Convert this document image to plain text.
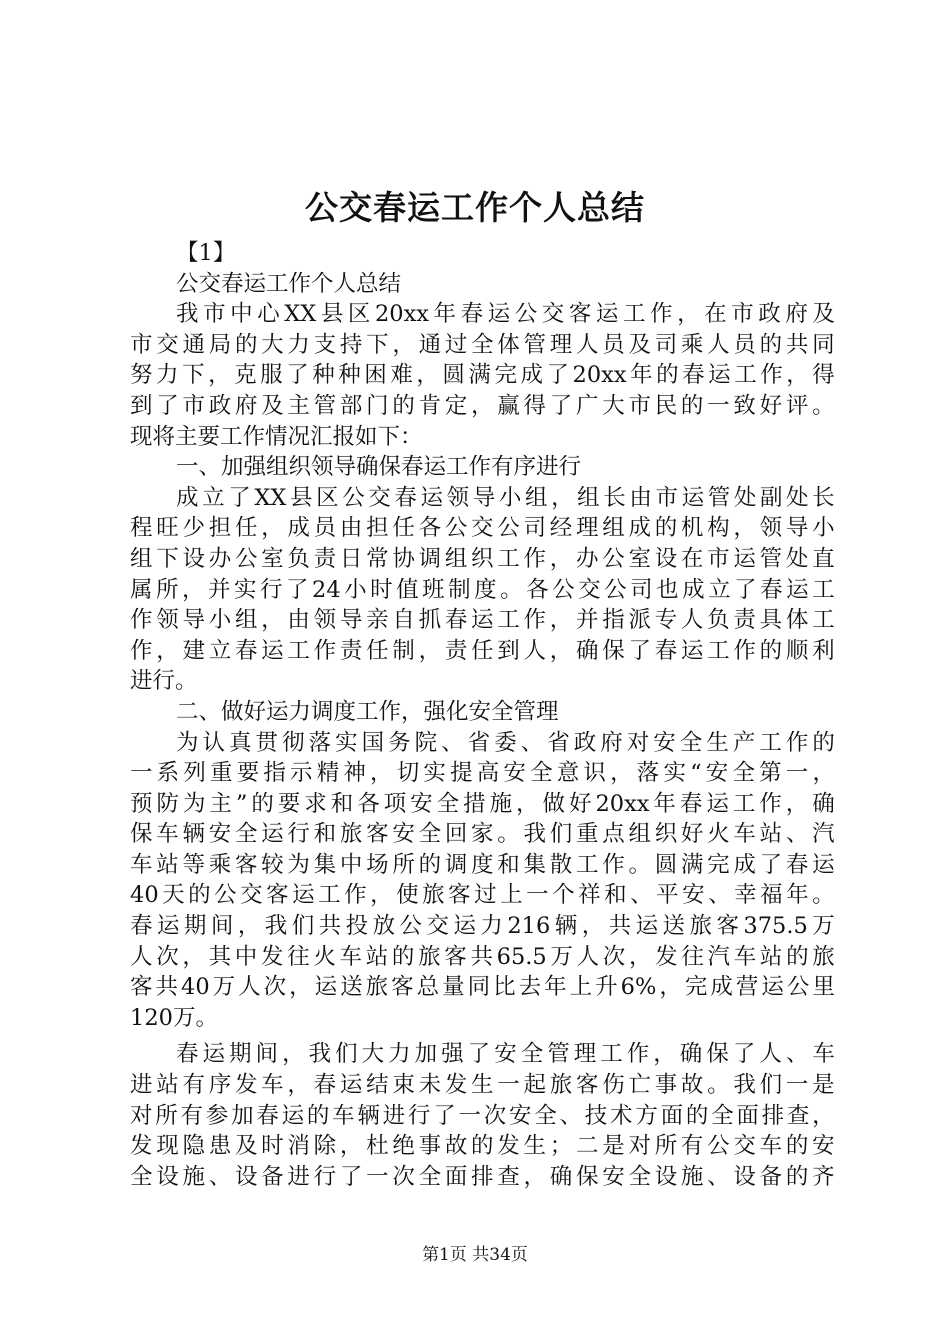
公交春运工作个人总结

【1】

公交春运工作个人总结

我 市 中 心 XX 县 区 20xx 年 春 运 公 交 客 运 工 作 ， 在 市 政 府 及

市 交 通 局 的 大 力 支 持 下 ， 通 过 全 体 管 理 人 员 及 司 乘 人 员 的 共 同

努 力 下 ， 克 服 了 种 种 困 难 ， 圆 满 完 成 了 20xx 年 的 春 运 工 作 ， 得

到 了 市 政 府 及 主 管 部 门 的 肯 定 ， 赢 得 了 广 大 市 民 的 一 致 好 评 。

现将主要工作情况汇报如下：

一、加强组织领导确保春运工作有序进行

成 立 了 XX 县 区 公 交 春 运 领 导 小 组 ， 组 长 由 市 运 管 处 副 处 长

程 旺 少 担 任 ， 成 员 由 担 任 各 公 交 公 司 经 理 组 成 的 机 构 ， 领 导 小

组 下 设 办 公 室 负 责 日 常 协 调 组 织 工 作 ， 办 公 室 设 在 市 运 管 处 直

属 所 ， 并 实 行 了 24 小 时 值 班 制 度 。 各 公 交 公 司 也 成 立 了 春 运 工

作 领 导 小 组 ， 由 领 导 亲 自 抓 春 运 工 作 ， 并 指 派 专 人 负 责 具 体 工

作 ， 建 立 春 运 工 作 责 任 制 ， 责 任 到 人 ， 确 保 了 春 运 工 作 的 顺 利

进行。

二、做好运力调度工作，强化安全管理

为 认 真 贯 彻 落 实 国 务 院 、 省 委 、 省 政 府 对 安 全 生 产 工 作 的

一 系 列 重 要 指 示 精 神 ， 切 实 提 高 安 全 意 识 ， 落 实 “ 安 全 第 一 ，

预 防 为 主 ” 的 要 求 和 各 项 安 全 措 施 ， 做 好 20xx 年 春 运 工 作 ， 确

保 车 辆 安 全 运 行 和 旅 客 安 全 回 家 。 我 们 重 点 组 织 好 火 车 站 、 汽

车 站 等 乘 客 较 为 集 中 场 所 的 调 度 和 集 散 工 作 。 圆 满 完 成 了 春 运

40 天 的 公 交 客 运 工 作 ， 使 旅 客 过 上 一 个 祥 和 、 平 安 、 幸 福 年 。

春 运 期 间 ， 我 们 共 投 放 公 交 运 力 216 辆 ， 共 运 送 旅 客 375.5 万

人 次 ， 其 中 发 往 火 车 站 的 旅 客 共 65.5 万 人 次 ， 发 往 汽 车 站 的 旅

客 共 40 万 人 次 ， 运 送 旅 客 总 量 同 比 去 年 上 升 6% ， 完 成 营 运 公 里

120万。

春 运 期 间 ， 我 们 大 力 加 强 了 安 全 管 理 工 作 ， 确 保 了 人 、 车

进 站 有 序 发 车 ， 春 运 结 束 未 发 生 一 起 旅 客 伤 亡 事 故 。 我 们 一 是

对 所 有 参 加 春 运 的 车 辆 进 行 了 一 次 安 全 、 技 术 方 面 的 全 面 排 查 ，

发 现 隐 患 及 时 消 除 ， 杜 绝 事 故 的 发 生 ； 二 是 对 所 有 公 交 车 的 安

全 设 施 、 设 备 进 行 了 一 次 全 面 排 查 ， 确 保 安 全 设 施 、 设 备 的 齐

第1页 共34页
